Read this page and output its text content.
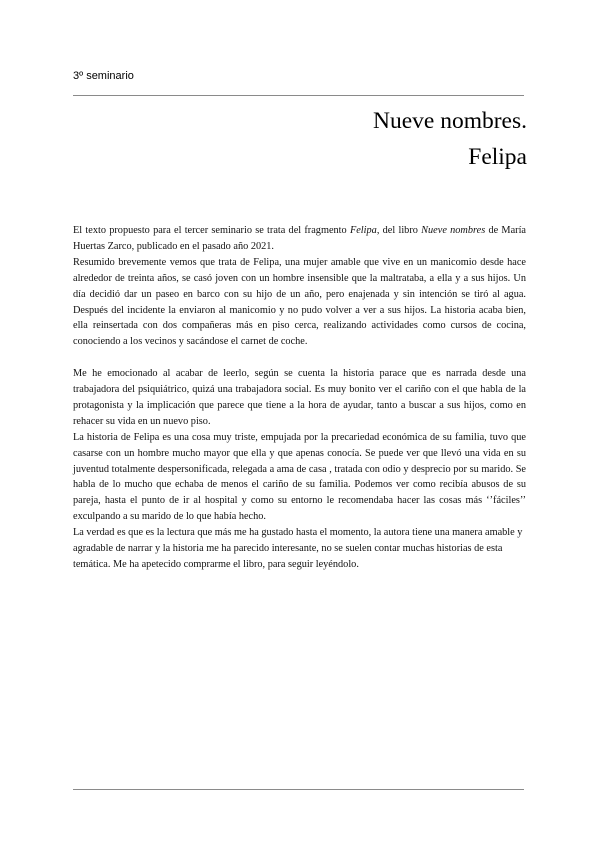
3º seminario
Nueve nombres.
Felipa

El texto propuesto para el tercer seminario se trata del fragmento Felipa, del libro Nueve nombres de María Huertas Zarco, publicado en el pasado año 2021.

Resumido brevemente vemos que trata de Felipa, una mujer amable que vive en un manicomio desde hace alrededor de treinta años, se casó joven con un hombre insensible que la maltrataba, a ella y a sus hijos. Un día decidió dar un paseo en barco con su hijo de un año, pero enajenada y sin intención se tiró al agua. Después del incidente la enviaron al manicomio y no pudo volver a ver a sus hijos. La historia acaba bien, ella reinsertada con dos compañeras más en piso cerca, realizando actividades como cursos de cocina, conociendo a los vecinos y sacándose el carnet de coche.

Me he emocionado al acabar de leerlo, según se cuenta la historia parace que es narrada desde una trabajadora del psiquiátrico, quizá una trabajadora social. Es muy bonito ver el cariño con el que habla de la protagonista y la implicación que parece que tiene a la hora de ayudar, tanto a buscar a sus hijos, como en rehacer su vida en un nuevo piso.

La historia de Felipa es una cosa muy triste, empujada por la precariedad económica de su familia, tuvo que casarse con un hombre mucho mayor que ella y que apenas conocía. Se puede ver que llevó una vida en su juventud totalmente despersonificada, relegada a ama de casa , tratada con odio y desprecio por su marido. Se habla de lo mucho que echaba de menos el cariño de su familia. Podemos ver como recibía abusos de su pareja, hasta el punto de ir al hospital y como su entorno le recomendaba hacer las cosas más ‘’fáciles’’ exculpando a su marido de lo que había hecho.

La verdad es que es la lectura que más me ha gustado hasta el momento, la autora tiene una manera amable y agradable de narrar y la historia me ha parecido interesante, no se suelen contar muchas historias de esta temática. Me ha apetecido comprarme el libro, para seguir leyéndolo.
